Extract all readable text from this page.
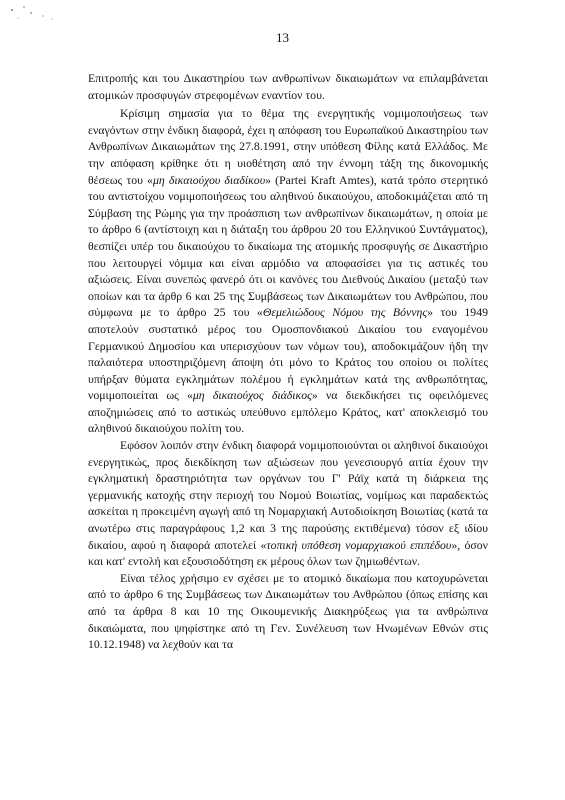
13

Επιτροπής και του Δικαστηρίου των ανθρωπίνων δικαιωμάτων να επιλαμβάνεται ατομικών προσφυγών στρεφομένων εναντίον του.

Κρίσιμη σημασία για το θέμα της ενεργητικής νομιμοποιήσεως των εναγόντων στην ένδικη διαφορά, έχει η απόφαση του Ευρωπαϊκού Δικαστηρίου των Ανθρωπίνων Δικαιωμάτων της 27.8.1991, στην υπόθεση Φίλης κατά Ελλάδος. Με την απόφαση κρίθηκε ότι η υιοθέτηση από την έννομη τάξη της δικονομικής θέσεως του «μη δικαιούχου διαδίκου» (Partei Kraft Amtes), κατά τρόπο στερητικό του αντιστοίχου νομιμοποιήσεως του αληθινού δικαιούχου, αποδοκιμάζεται από τη Σύμβαση της Ρώμης για την προάσπιση των ανθρωπίνων δικαιωμάτων, η οποία με το άρθρο 6 (αντίστοιχη και η διάταξη του άρθρου 20 του Ελληνικού Συντάγματος), θεσπίζει υπέρ του δικαιούχου το δικαίωμα της ατομικής προσφυγής σε Δικαστήριο που λειτουργεί νόμιμα και είναι αρμόδιο να αποφασίσει για τις αστικές του αξιώσεις. Είναι συνεπώς φανερό ότι οι κανόνες του Διεθνούς Δικαίου (μεταξύ των οποίων και τα άρθρ 6 και 25 της Συμβάσεως των Δικαιωμάτων του Ανθρώπου, που σύμφωνα με το άρθρο 25 του «Θεμελιώδους Νόμου της Βόννης» του 1949 αποτελούν συστατικό μέρος του Ομοσπονδιακού Δικαίου του εναγομένου Γερμανικού Δημοσίου και υπερισχύουν των νόμων του), αποδοκιμάζουν ήδη την παλαιότερα υποστηριζόμενη άποψη ότι μόνο το Κράτος του οποίου οι πολίτες υπήρξαν θύματα εγκλημάτων πολέμου ή εγκλημάτων κατά της ανθρωπότητας, νομιμοποιείται ως «μη δικαιούχος διάδικος» να διεκδικήσει τις οφειλόμενες αποζημιώσεις από το αστικώς υπεύθυνο εμπόλεμο Κράτος, κατ' αποκλεισμό του αληθινού δικαιούχου πολίτη του.

Εφόσον λοιπόν στην ένδικη διαφορά νομιμοποιούνται οι αληθινοί δικαιούχοι ενεργητικώς, προς διεκδίκηση των αξιώσεων που γενεσιουργό αιτία έχουν την εγκληματική δραστηριότητα των οργάνων του Γ' Ράϊχ κατά τη διάρκεια της γερμανικής κατοχής στην περιοχή του Νομού Βοιωτίας, νομίμως και παραδεκτώς ασκείται η προκειμένη αγωγή από τη Νομαρχιακή Αυτοδιοίκηση Βοιωτίας (κατά τα ανωτέρω στις παραγράφους 1,2 και 3 της παρούσης εκτιθέμενα) τόσον εξ ιδίου δικαίου, αφού η διαφορά αποτελεί «τοπική υπόθεση νομαρχιακού επιπέδου», όσον και κατ' εντολή και εξουσιοδότηση εκ μέρους όλων των ζημιωθέντων.

Είναι τέλος χρήσιμο εν σχέσει με το ατομικό δικαίωμα που κατοχυρώνεται από το άρθρο 6 της Συμβάσεως των Δικαιωμάτων του Ανθρώπου (όπως επίσης και από τα άρθρα 8 και 10 της Οικουμενικής Διακηρύξεως για τα ανθρώπινα δικαιώματα, που ψηφίστηκε από τη Γεν. Συνέλευση των Ηνωμένων Εθνών στις 10.12.1948) να λεχθούν και τα
